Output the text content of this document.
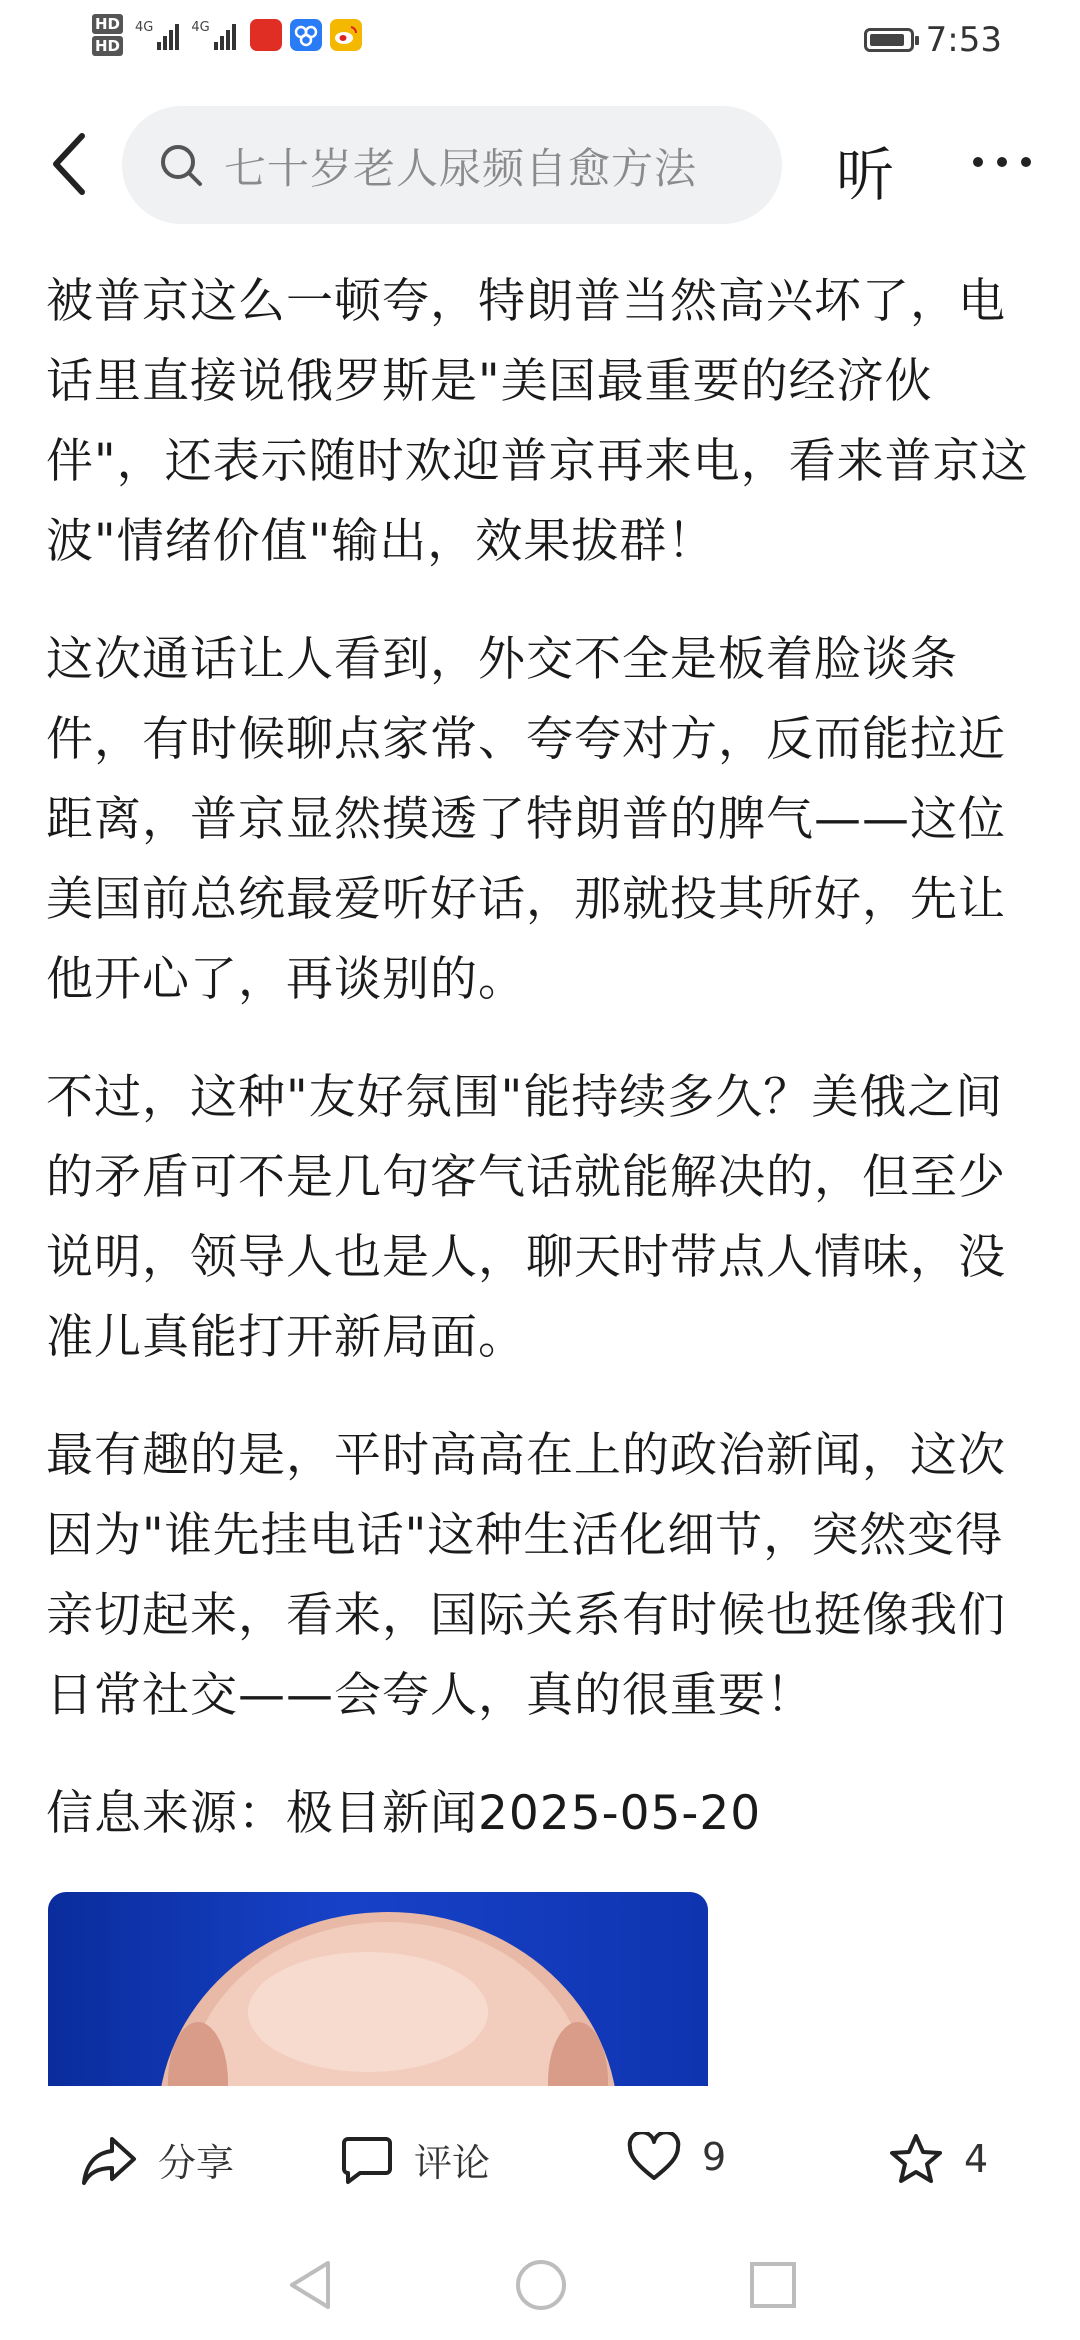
HD
HD
4G	4G	7:53
七十岁老人尿频自愈方法 听

被普京这么一顿夸，特朗普当然高兴坏了，电话里直接说俄罗斯是"美国最重要的经济伙伴"，还表示随时欢迎普京再来电，看来普京这波"情绪价值"输出，效果拔群！

这次通话让人看到，外交不全是板着脸谈条件，有时候聊点家常、夸夸对方，反而能拉近距离，普京显然摸透了特朗普的脾气——这位美国前总统最爱听好话，那就投其所好，先让他开心了，再谈别的。

不过，这种"友好氛围"能持续多久？美俄之间的矛盾可不是几句客气话就能解决的，但至少说明，领导人也是人，聊天时带点人情味，没准儿真能打开新局面。

最有趣的是，平时高高在上的政治新闻，这次因为"谁先挂电话"这种生活化细节，突然变得亲切起来，看来，国际关系有时候也挺像我们日常社交——会夸人，真的很重要！

信息来源：极目新闻2025-05-20

分享	评论	9	4
